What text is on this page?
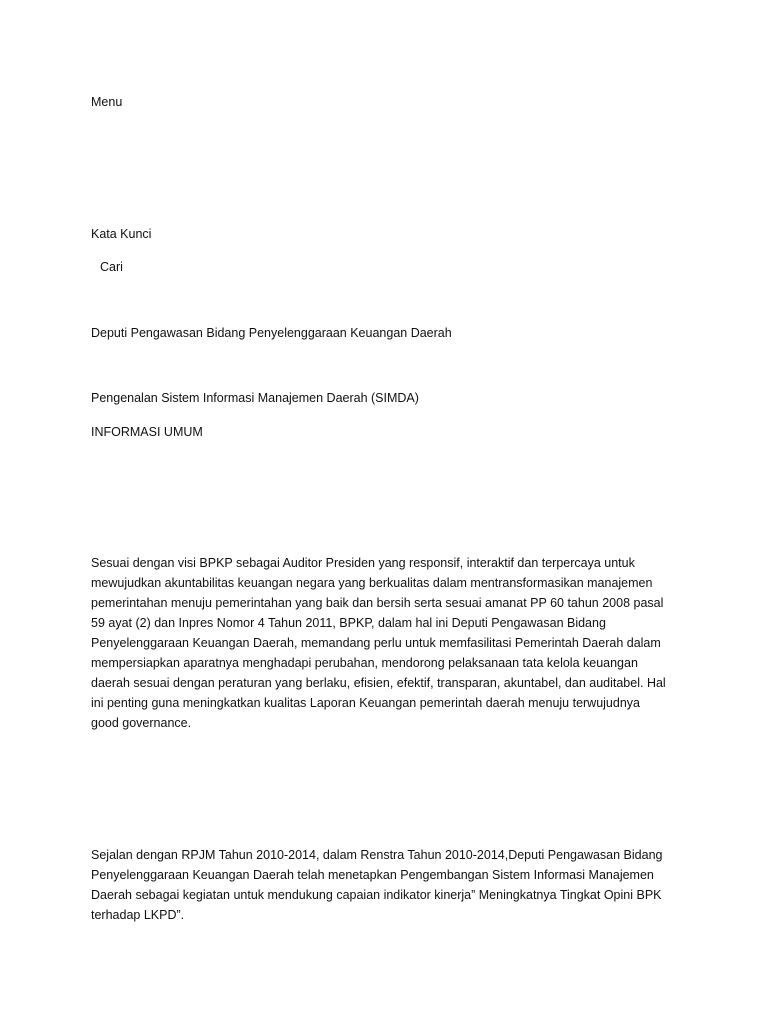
Menu
Kata Kunci
Cari
Deputi Pengawasan Bidang Penyelenggaraan Keuangan Daerah
Pengenalan Sistem Informasi Manajemen Daerah (SIMDA)
INFORMASI UMUM
Sesuai dengan visi BPKP sebagai Auditor Presiden yang responsif, interaktif dan terpercaya untuk
mewujudkan akuntabilitas keuangan negara yang berkualitas dalam mentransformasikan manajemen
pemerintahan menuju pemerintahan yang baik dan bersih serta sesuai amanat PP 60 tahun 2008 pasal
59 ayat (2) dan Inpres Nomor 4 Tahun 2011, BPKP, dalam hal ini Deputi Pengawasan Bidang
Penyelenggaraan Keuangan Daerah, memandang perlu untuk memfasilitasi Pemerintah Daerah dalam
mempersiapkan aparatnya menghadapi perubahan, mendorong pelaksanaan tata kelola keuangan
daerah sesuai dengan peraturan yang berlaku, efisien, efektif, transparan, akuntabel, dan auditabel. Hal
ini penting guna meningkatkan kualitas Laporan Keuangan pemerintah daerah menuju terwujudnya
good governance.
Sejalan dengan RPJM Tahun 2010-2014, dalam Renstra Tahun 2010-2014,Deputi Pengawasan Bidang
Penyelenggaraan Keuangan Daerah telah menetapkan Pengembangan Sistem Informasi Manajemen
Daerah sebagai kegiatan untuk mendukung capaian indikator kinerja” Meningkatnya Tingkat Opini BPK
terhadap LKPD”.
